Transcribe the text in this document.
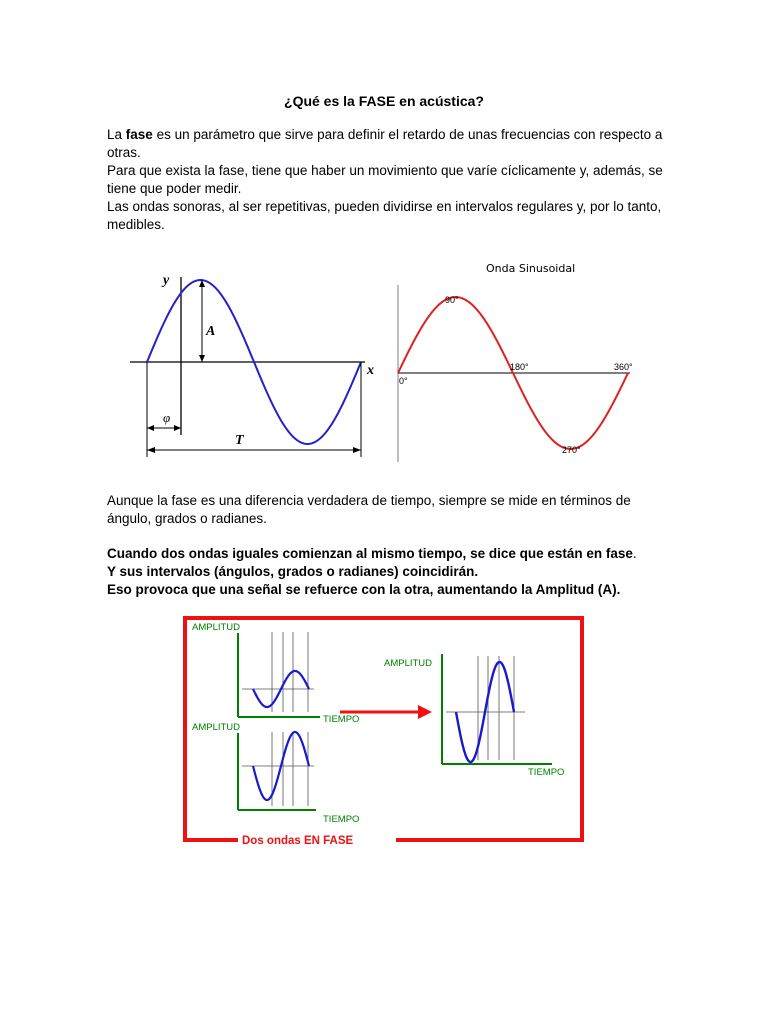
¿Qué es la FASE en acústica?

La fase es un parámetro que sirve para definir el retardo de unas frecuencias con respecto a otras.

Para que exista la fase, tiene que haber un movimiento que varíe cíclicamente y, además, se tiene que poder medir.

Las ondas sonoras, al ser repetitivas, pueden dividirse en intervalos regulares y, por lo tanto, medibles.

y
x
A
φ
T
Onda Sinusoidal
90°
180°	360°
0°
270°
Aunque la fase es una diferencia verdadera de tiempo, siempre se mide en términos de ángulo, grados o radianes.

Cuando dos ondas iguales comienzan al mismo tiempo, se dice que están en fase.

Y sus intervalos (ángulos, grados o radianes) coincidirán.

Eso provoca que una señal se refuerce con la otra, aumentando la Amplitud (A).

Dos ondas EN FASE
AMPLITUD
TIEMPO
AMPLITUD
TIEMPO
AMPLITUD
TIEMPO
